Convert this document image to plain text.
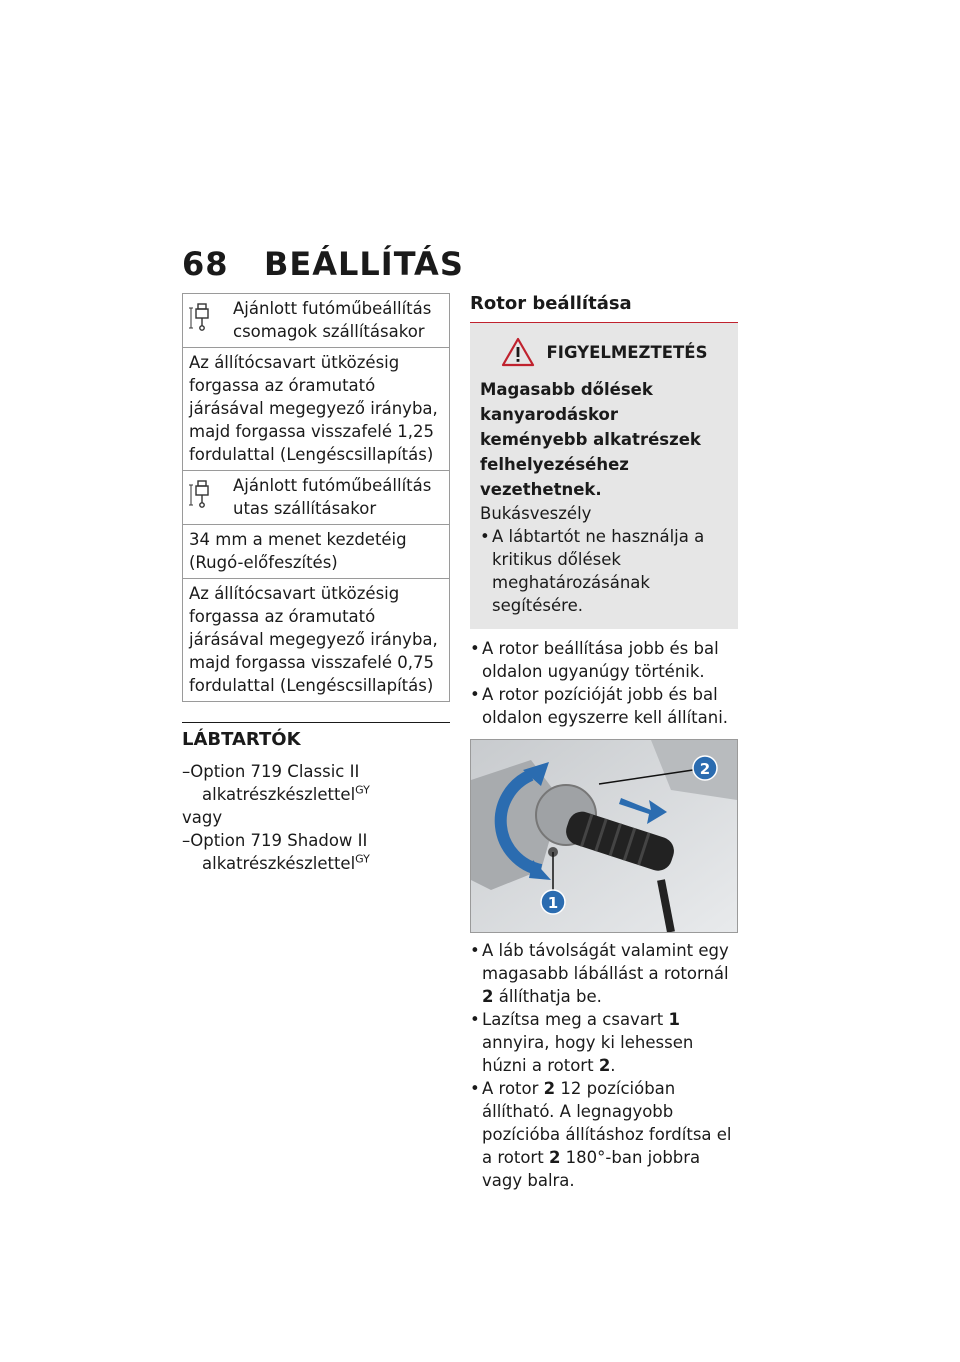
68 BEÁLLÍTÁS
Ajánlott futóműbeállítás csomagok szállításakor
Az állítócsavart ütközésig forgassa az óramutató járásával megegyező irányba, majd forgassa visszafelé 1,25 fordulattal (Lengéscsillapítás)
Ajánlott futóműbeállítás utas szállításakor
34 mm a menet kezdetéig (Rugó-előfeszítés)
Az állítócsavart ütközésig forgassa az óramutató járásával megegyező irányba, majd forgassa visszafelé 0,75 fordulattal (Lengéscsillapítás)
LÁBTARTÓK
–Option 719 Classic II alkatrészkészlettel$^{GY}$
vagy
–Option 719 Shadow II alkatrészkészlettel$^{GY}$
Rotor beállítása
FIGYELMEZTETÉS
Magasabb dőlések kanyarodáskor keményebb alkatrészek felhelyezéséhez vezethetnek.
Bukásveszély
• A lábtartót ne használja a kritikus dőlések meghatározásának segítésére.
• A rotor beállítása jobb és bal oldalon ugyanúgy történik.
• A rotor pozícióját jobb és bal oldalon egyszerre kell állítani.
1
2
• A láb távolságát valamint egy magasabb lábállást a rotornál 2 állíthatja be.
• Lazítsa meg a csavart 1 annyira, hogy ki lehessen húzni a rotort 2.
• A rotor 2 12 pozícióban állítható. A legnagyobb pozícióba állításhoz fordítsa el a rotort 2 180°-ban jobbra vagy balra.
